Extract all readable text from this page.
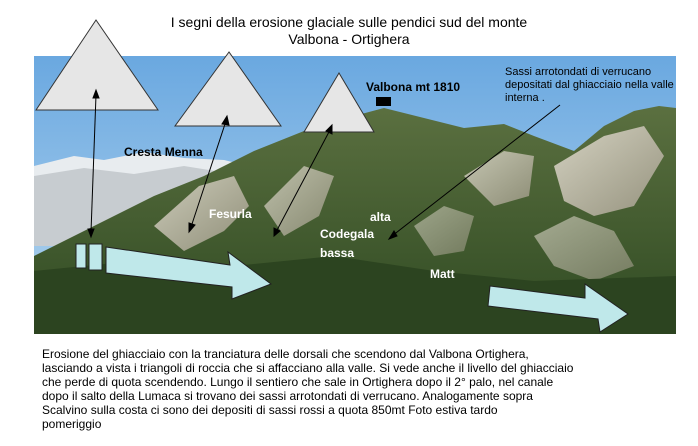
I segni della erosione glaciale sulle pendici sud del monte
Valbona - Ortighera
Valbona mt 1810
Cresta Menna
Fesurla	alta
Codegala
bassa
Matt
Sassi arrotondati di verrucano depositati dal ghiacciaio nella valle interna .
Erosione del ghiacciaio con la tranciatura delle dorsali che scendono dal Valbona Ortighera,
lasciando a vista i triangoli di roccia che si affacciano alla valle. Si vede anche il livello del ghiacciaio
che perde di quota scendendo. Lungo il sentiero che sale in Ortighera dopo il 2° palo, nel canale
dopo il salto della Lumaca si trovano dei sassi arrotondati di verrucano. Analogamente sopra
Scalvino sulla costa ci sono dei depositi di sassi rossi a quota 850mt Foto estiva tardo
pomeriggio
